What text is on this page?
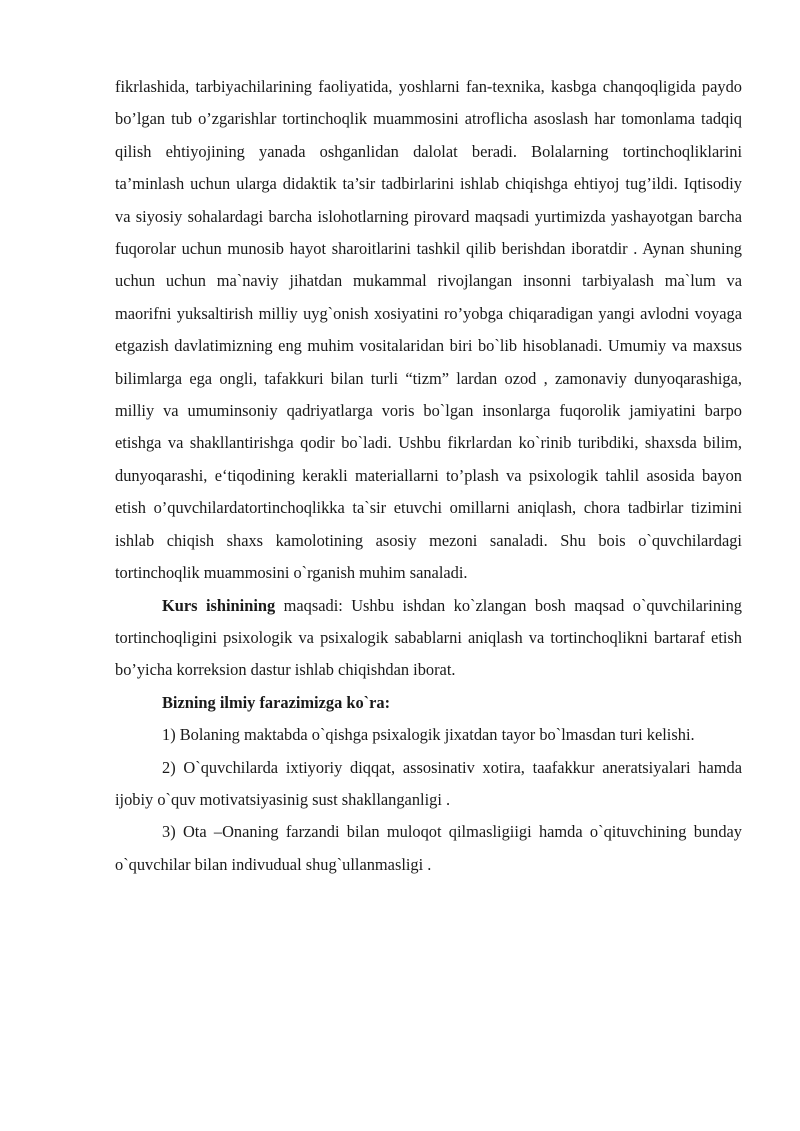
fikrlashida, tarbiyachilarining faoliyatida, yoshlarni fan-texnika, kasbga chanqoqligida paydo bo’lgan tub o’zgarishlar tortinchoqlik muammosini atroflicha asoslash har tomonlama tadqiq qilish ehtiyojining yanada oshganlidan dalolat beradi. Bolalarning tortinchoqliklarini ta’minlash uchun ularga didaktik ta’sir tadbirlarini ishlab chiqishga ehtiyoj tug’ildi. Iqtisodiy va siyosiy sohalardagi barcha islohotlarning pirovard maqsadi yurtimizda yashayotgan barcha fuqorolar uchun munosib hayot sharoitlarini tashkil qilib berishdan iboratdir . Aynan shuning uchun uchun ma`naviy jihatdan mukammal rivojlangan insonni tarbiyalash ma`lum va maorifni yuksaltirish milliy uyg`onish xosiyatini ro’yobga chiqaradigan yangi avlodni voyaga etgazish davlatimizning eng muhim vositalaridan biri bo`lib hisoblanadi. Umumiy va maxsus bilimlarga ega ongli, tafakkuri bilan turli “tizm” lardan ozod , zamonaviy dunyoqarashiga, milliy va umuminsoniy qadriyatlarga voris bo`lgan insonlarga fuqorolik jamiyatini barpo etishga va shakllantirishga qodir bo`ladi. Ushbu fikrlardan ko`rinib turibdiki, shaxsda bilim, dunyoqarashi, e‘tiqodining kerakli materiallarni to’plash va psixologik tahlil asosida bayon etish o’quvchilardatortinchoqlikka ta`sir etuvchi omillarni aniqlash, chora tadbirlar tizimini ishlab chiqish shaxs kamolotining asosiy mezoni sanaladi. Shu bois o`quvchilardagi tortinchoqlik muammosini o`rganish muhim sanaladi.

Kurs ishinining maqsadi: Ushbu ishdan ko`zlangan bosh maqsad o`quvchilarining tortinchoqligini psixologik va psixalogik sabablarni aniqlash va tortinchoqlikni bartaraf etish bo’yicha korreksion dastur ishlab chiqishdan iborat.

Bizning ilmiy farazimizga ko`ra:

1) Bolaning maktabda o`qishga psixalogik jixatdan tayor bo`lmasdan turi kelishi.

2) O`quvchilarda ixtiyoriy diqqat, assosinativ xotira, taafakkur aneratsiyalari hamda ijobiy o`quv motivatsiyasinig sust shakllanganligi .

3) Ota –Onaning farzandi bilan muloqot qilmasligiigi hamda o`qituvchining bunday o`quvchilar bilan indivudual shug`ullanmasligi .
